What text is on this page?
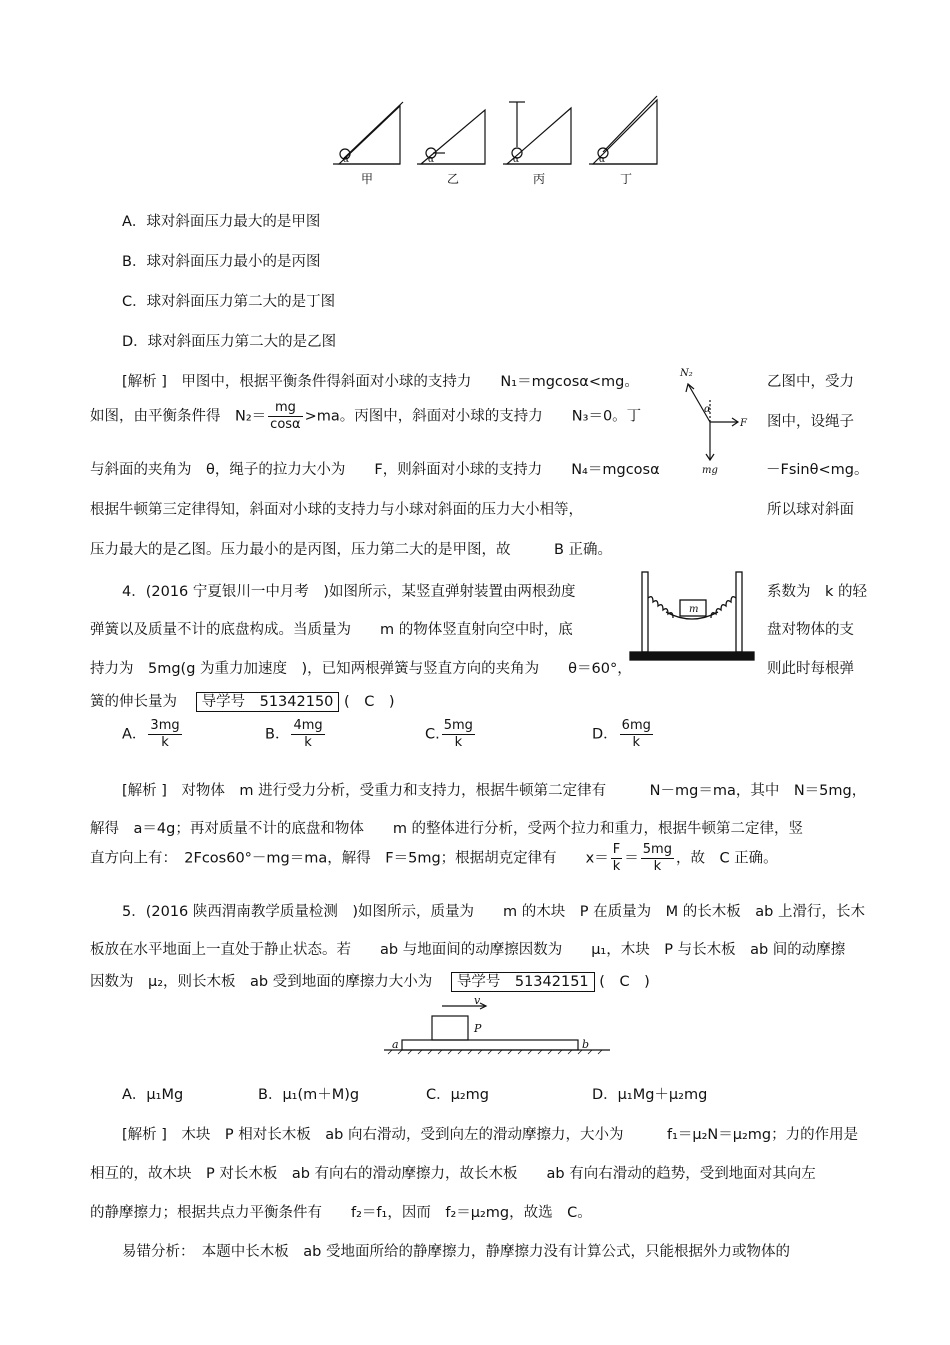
α	α	α	α
甲	乙	丙	丁
A．球对斜面压力最大的是甲图
B．球对斜面压力最小的是丙图
C．球对斜面压力第二大的是丁图
D．球对斜面压力第二大的是乙图
[解析 ]　甲图中，根据平衡条件得斜面对小球的支持力　　N₁＝mgcosα<mg。	乙图中，受力
如图，由平衡条件得　$N_2= \frac{mg}{\cos\alpha} >ma$。丙图中，斜面对小球的支持力　　N₃＝0。丁	图中，设绳子
与斜面的夹角为　θ，绳子的拉力大小为　　F，则斜面对小球的支持力　　N₄＝mgcosα	－Fsinθ<mg。
根据牛顿第三定律得知，斜面对小球的支持力与小球对斜面的压力大小相等，	所以球对斜面
压力最大的是乙图。压力最小的是丙图，压力第二大的是甲图，故　　　B 正确。
N₂
α
F
mg
4．(2016 宁夏银川一中月考　)如图所示，某竖直弹射装置由两根劲度	系数为　k 的轻
弹簧以及质量不计的底盘构成。当质量为　　m 的物体竖直射向空中时，底	盘对物体的支
持力为　5mg(g 为重力加速度　)，已知两根弹簧与竖直方向的夹角为　　θ＝60°，	则此时每根弹
簧的伸长量为 导学号　51342150 (　C　)
m
A． $\frac{3mg}{k}$	B． $\frac{4mg}{k}$	C. $\frac{5mg}{k}$	D． $\frac{6mg}{k}$
[解析 ]　对物体　m 进行受力分析，受重力和支持力，根据牛顿第二定律有　　　N－mg＝ma，其中　N＝5mg，
解得　a＝4g；再对质量不计的底盘和物体　　m 的整体进行分析，受两个拉力和重力，根据牛顿第二定律，竖
直方向上有：　2Fcos60°－mg＝ma，解得　F＝5mg；根据胡克定律有　　$x= \frac{F}{k} = \frac{5mg}{k}$ ，故　C 正确。
5．(2016 陕西渭南教学质量检测　)如图所示，质量为　　m 的木块　P 在质量为　M 的长木板　ab 上滑行，长木
板放在水平地面上一直处于静止状态。若　　ab 与地面间的动摩擦因数为　　μ₁，木块　P 与长木板　ab 间的动摩擦
因数为　μ₂，则长木板　ab 受到地面的摩擦力大小为 导学号　51342151 (　C　)
v
P
a	b
A．μ₁Mg	B．μ₁(m＋M)g	C．μ₂mg	D．μ₁Mg＋μ₂mg
[解析 ]　木块　P 相对长木板　ab 向右滑动，受到向左的滑动摩擦力，大小为　　　f₁＝μ₂N＝μ₂mg；力的作用是
相互的，故木块　P 对长木板　ab 有向右的滑动摩擦力，故长木板　　ab 有向右滑动的趋势，受到地面对其向左
的静摩擦力；根据共点力平衡条件有　　f₂＝f₁，因而　f₂＝μ₂mg，故选　C。
易错分析：　本题中长木板　ab 受地面所给的静摩擦力，静摩擦力没有计算公式，只能根据外力或物体的
